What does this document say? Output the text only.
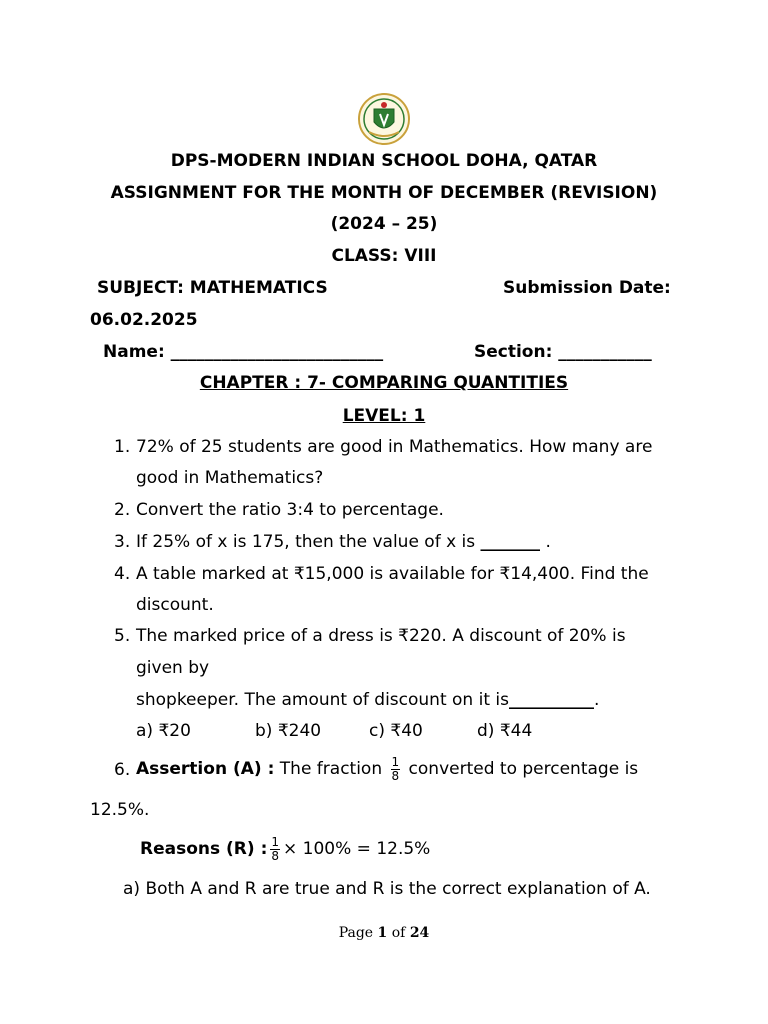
DPS-MODERN INDIAN SCHOOL DOHA, QATAR
ASSIGNMENT FOR THE MONTH OF DECEMBER (REVISION)
(2024 – 25)
CLASS: VIII
SUBJECT: MATHEMATICS	Submission Date:
06.02.2025
Name: _________________________	Section: ___________
CHAPTER : 7- COMPARING QUANTITIES
LEVEL: 1
1. 72% of 25 students are good in Mathematics. How many are
good in Mathematics?
2. Convert the ratio 3:4 to percentage.
3. If 25% of x is 175, then the value of x is _______ .
4. A table marked at ₹15,000 is available for ₹14,400. Find the
discount.
5. The marked price of a dress is ₹220. A discount of 20% is
given by
shopkeeper. The amount of discount on it is__________.
a) ₹20	b) ₹240	c) ₹40	d) ₹44
6. Assertion (A) : The fraction $\frac{1}{8}$ converted to percentage is
12.5%.
Reasons (R) : $\frac{1}{8} \times 100\% = 12.5\%$
a) Both A and R are true and R is the correct explanation of A.
Page 1 of 24
